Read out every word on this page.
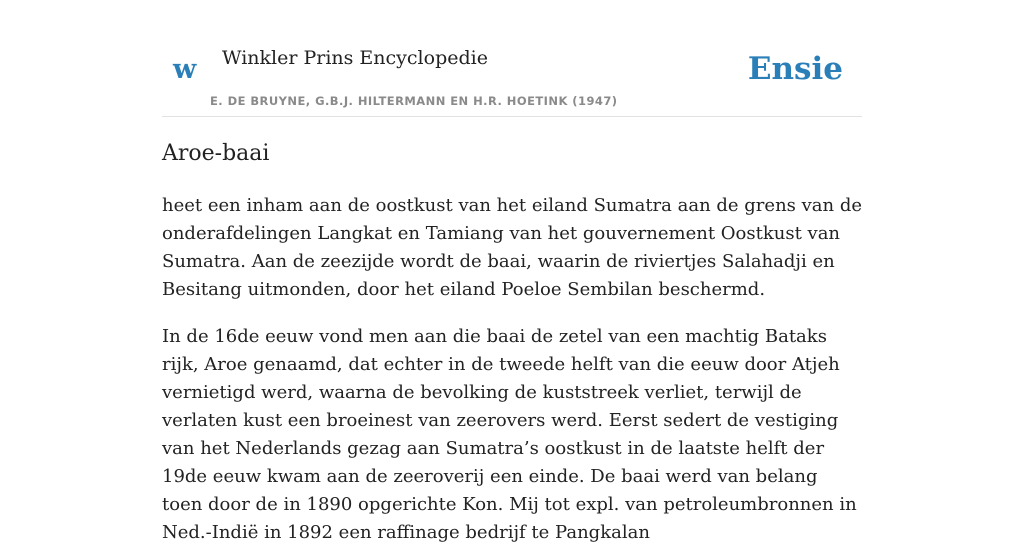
w Winkler Prins Encyclopedie
E. DE BRUYNE, G.B.J. HILTERMANN EN H.R. HOETINK (1947)
Ensie
Aroe-baai

heet een inham aan de oostkust van het eiland Sumatra aan de grens van de onderafdelingen Langkat en Tamiang van het gouvernement Oostkust van Sumatra. Aan de zeezijde wordt de baai, waarin de riviertjes Salahadji en Besitang uitmonden, door het eiland Poeloe Sembilan beschermd.

In de 16de eeuw vond men aan die baai de zetel van een machtig Bataks rijk, Aroe genaamd, dat echter in de tweede helft van die eeuw door Atjeh vernietigd werd, waarna de bevolking de kuststreek verliet, terwijl de verlaten kust een broeinest van zeerovers werd. Eerst sedert de vestiging van het Nederlands gezag aan Sumatra’s oostkust in de laatste helft der 19de eeuw kwam aan de zeeroverij een einde. De baai werd van belang toen door de in 1890 opgerichte Kon. Mij tot expl. van petroleumbronnen in Ned.-Indië in 1892 een raffinage bedrijf te Pangkalan
